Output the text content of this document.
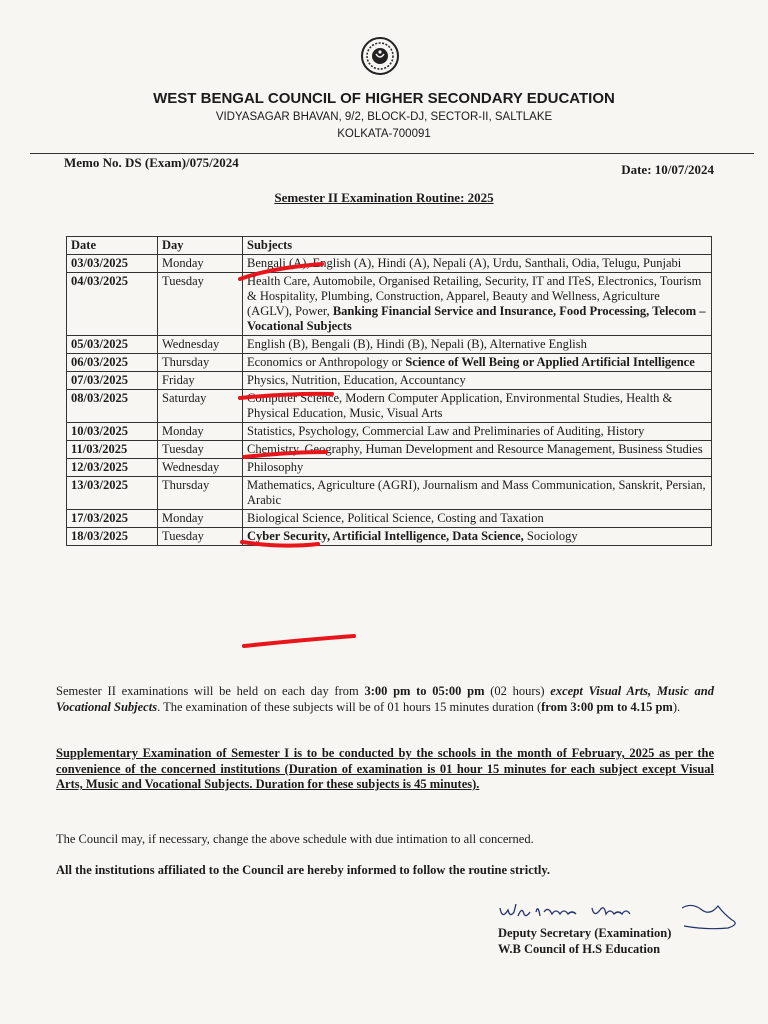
WEST BENGAL COUNCIL OF HIGHER SECONDARY EDUCATION
VIDYASAGAR BHAVAN, 9/2, BLOCK-DJ, SECTOR-II, SALTLAKE
KOLKATA-700091
Memo No. DS (Exam)/075/2024	Date: 10/07/2024
Semester II Examination Routine: 2025
Date	Day	Subjects
03/03/2025	Monday	Bengali (A), English (A), Hindi (A), Nepali (A), Urdu, Santhali, Odia, Telugu, Punjabi
04/03/2025	Tuesday	Health Care, Automobile, Organised Retailing, Security, IT and ITeS, Electronics, Tourism & Hospitality, Plumbing, Construction, Apparel, Beauty and Wellness, Agriculture (AGLV), Power, Banking Financial Service and Insurance, Food Processing, Telecom – Vocational Subjects
05/03/2025	Wednesday	English (B), Bengali (B), Hindi (B), Nepali (B), Alternative English
06/03/2025	Thursday	Economics or Anthropology or Science of Well Being or Applied Artificial Intelligence
07/03/2025	Friday	Physics, Nutrition, Education, Accountancy
08/03/2025	Saturday	Computer Science, Modern Computer Application, Environmental Studies, Health & Physical Education, Music, Visual Arts
10/03/2025	Monday	Statistics, Psychology, Commercial Law and Preliminaries of Auditing, History
11/03/2025	Tuesday	Chemistry, Geography, Human Development and Resource Management, Business Studies
12/03/2025	Wednesday	Philosophy
13/03/2025	Thursday	Mathematics, Agriculture (AGRI), Journalism and Mass Communication, Sanskrit, Persian, Arabic
17/03/2025	Monday	Biological Science, Political Science, Costing and Taxation
18/03/2025	Tuesday	Cyber Security, Artificial Intelligence, Data Science, Sociology
Semester II examinations will be held on each day from 3:00 pm to 05:00 pm (02 hours) except Visual Arts, Music and Vocational Subjects. The examination of these subjects will be of 01 hours 15 minutes duration (from 3:00 pm to 4.15 pm).
Supplementary Examination of Semester I is to be conducted by the schools in the month of February, 2025 as per the convenience of the concerned institutions (Duration of examination is 01 hour 15 minutes for each subject except Visual Arts, Music and Vocational Subjects. Duration for these subjects is 45 minutes).
The Council may, if necessary, change the above schedule with due intimation to all concerned.
All the institutions affiliated to the Council are hereby informed to follow the routine strictly.
Deputy Secretary (Examination)
W.B Council of H.S Education
